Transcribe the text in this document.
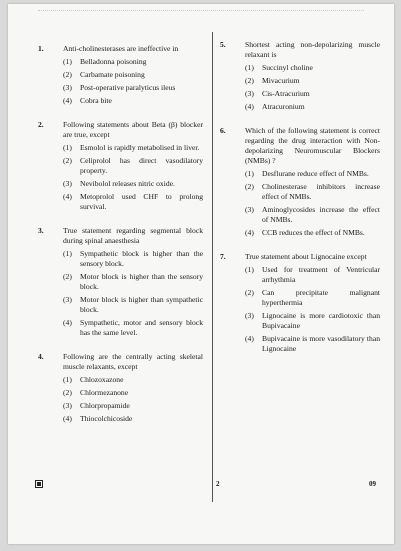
1.	Anti-cholinesterases are ineffective in
(1)	Belladonna poisoning
(2)	Carbamate poisoning
(3)	Post-operative paralyticus ileus
(4)	Cobra bite
2.	Following statements about Beta (β) blocker are true, except
(1)	Esmolol is rapidly metabolised in liver.
(2)	Celiprolol has direct vasodilatory property.
(3)	Nevibolol releases nitric oxide.
(4)	Metoprolol used CHF to prolong survival.
3.	True statement regarding segmental block during spinal anaesthesia
(1)	Sympathetic block is higher than the sensory block.
(2)	Motor block is higher than the sensory block.
(3)	Motor block is higher than sympathetic block.
(4)	Sympathetic, motor and sensory block has the same level.
4.	Following are the centrally acting skeletal muscle relaxants, except
(1)	Chlozoxazone
(2)	Chlormezanone
(3)	Chlorpropamide
(4)	Thiocolchicoside
5.	Shortest acting non-depolarizing muscle relaxant is
(1)	Succinyl choline
(2)	Mivacurium
(3)	Cis-Atracurium
(4)	Atracuronium
6.	Which of the following statement is correct regarding the drug interaction with Non-depolarizing Neuromuscular Blockers (NMBs) ?
(1)	Desflurane reduce effect of NMBs.
(2)	Cholinesterase inhibitors increase effect of NMBs.
(3)	Aminoglycosides increase the effect of NMBs.
(4)	CCB reduces the effect of NMBs.
7.	True statement about Lignocaine except
(1)	Used for treatment of Ventricular arrhythmia
(2)	Can precipitate malignant hyperthermia
(3)	Lignocaine is more cardiotoxic than Bupivacaine
(4)	Bupivacaine is more vasodilatory than Lignocaine
2	09
